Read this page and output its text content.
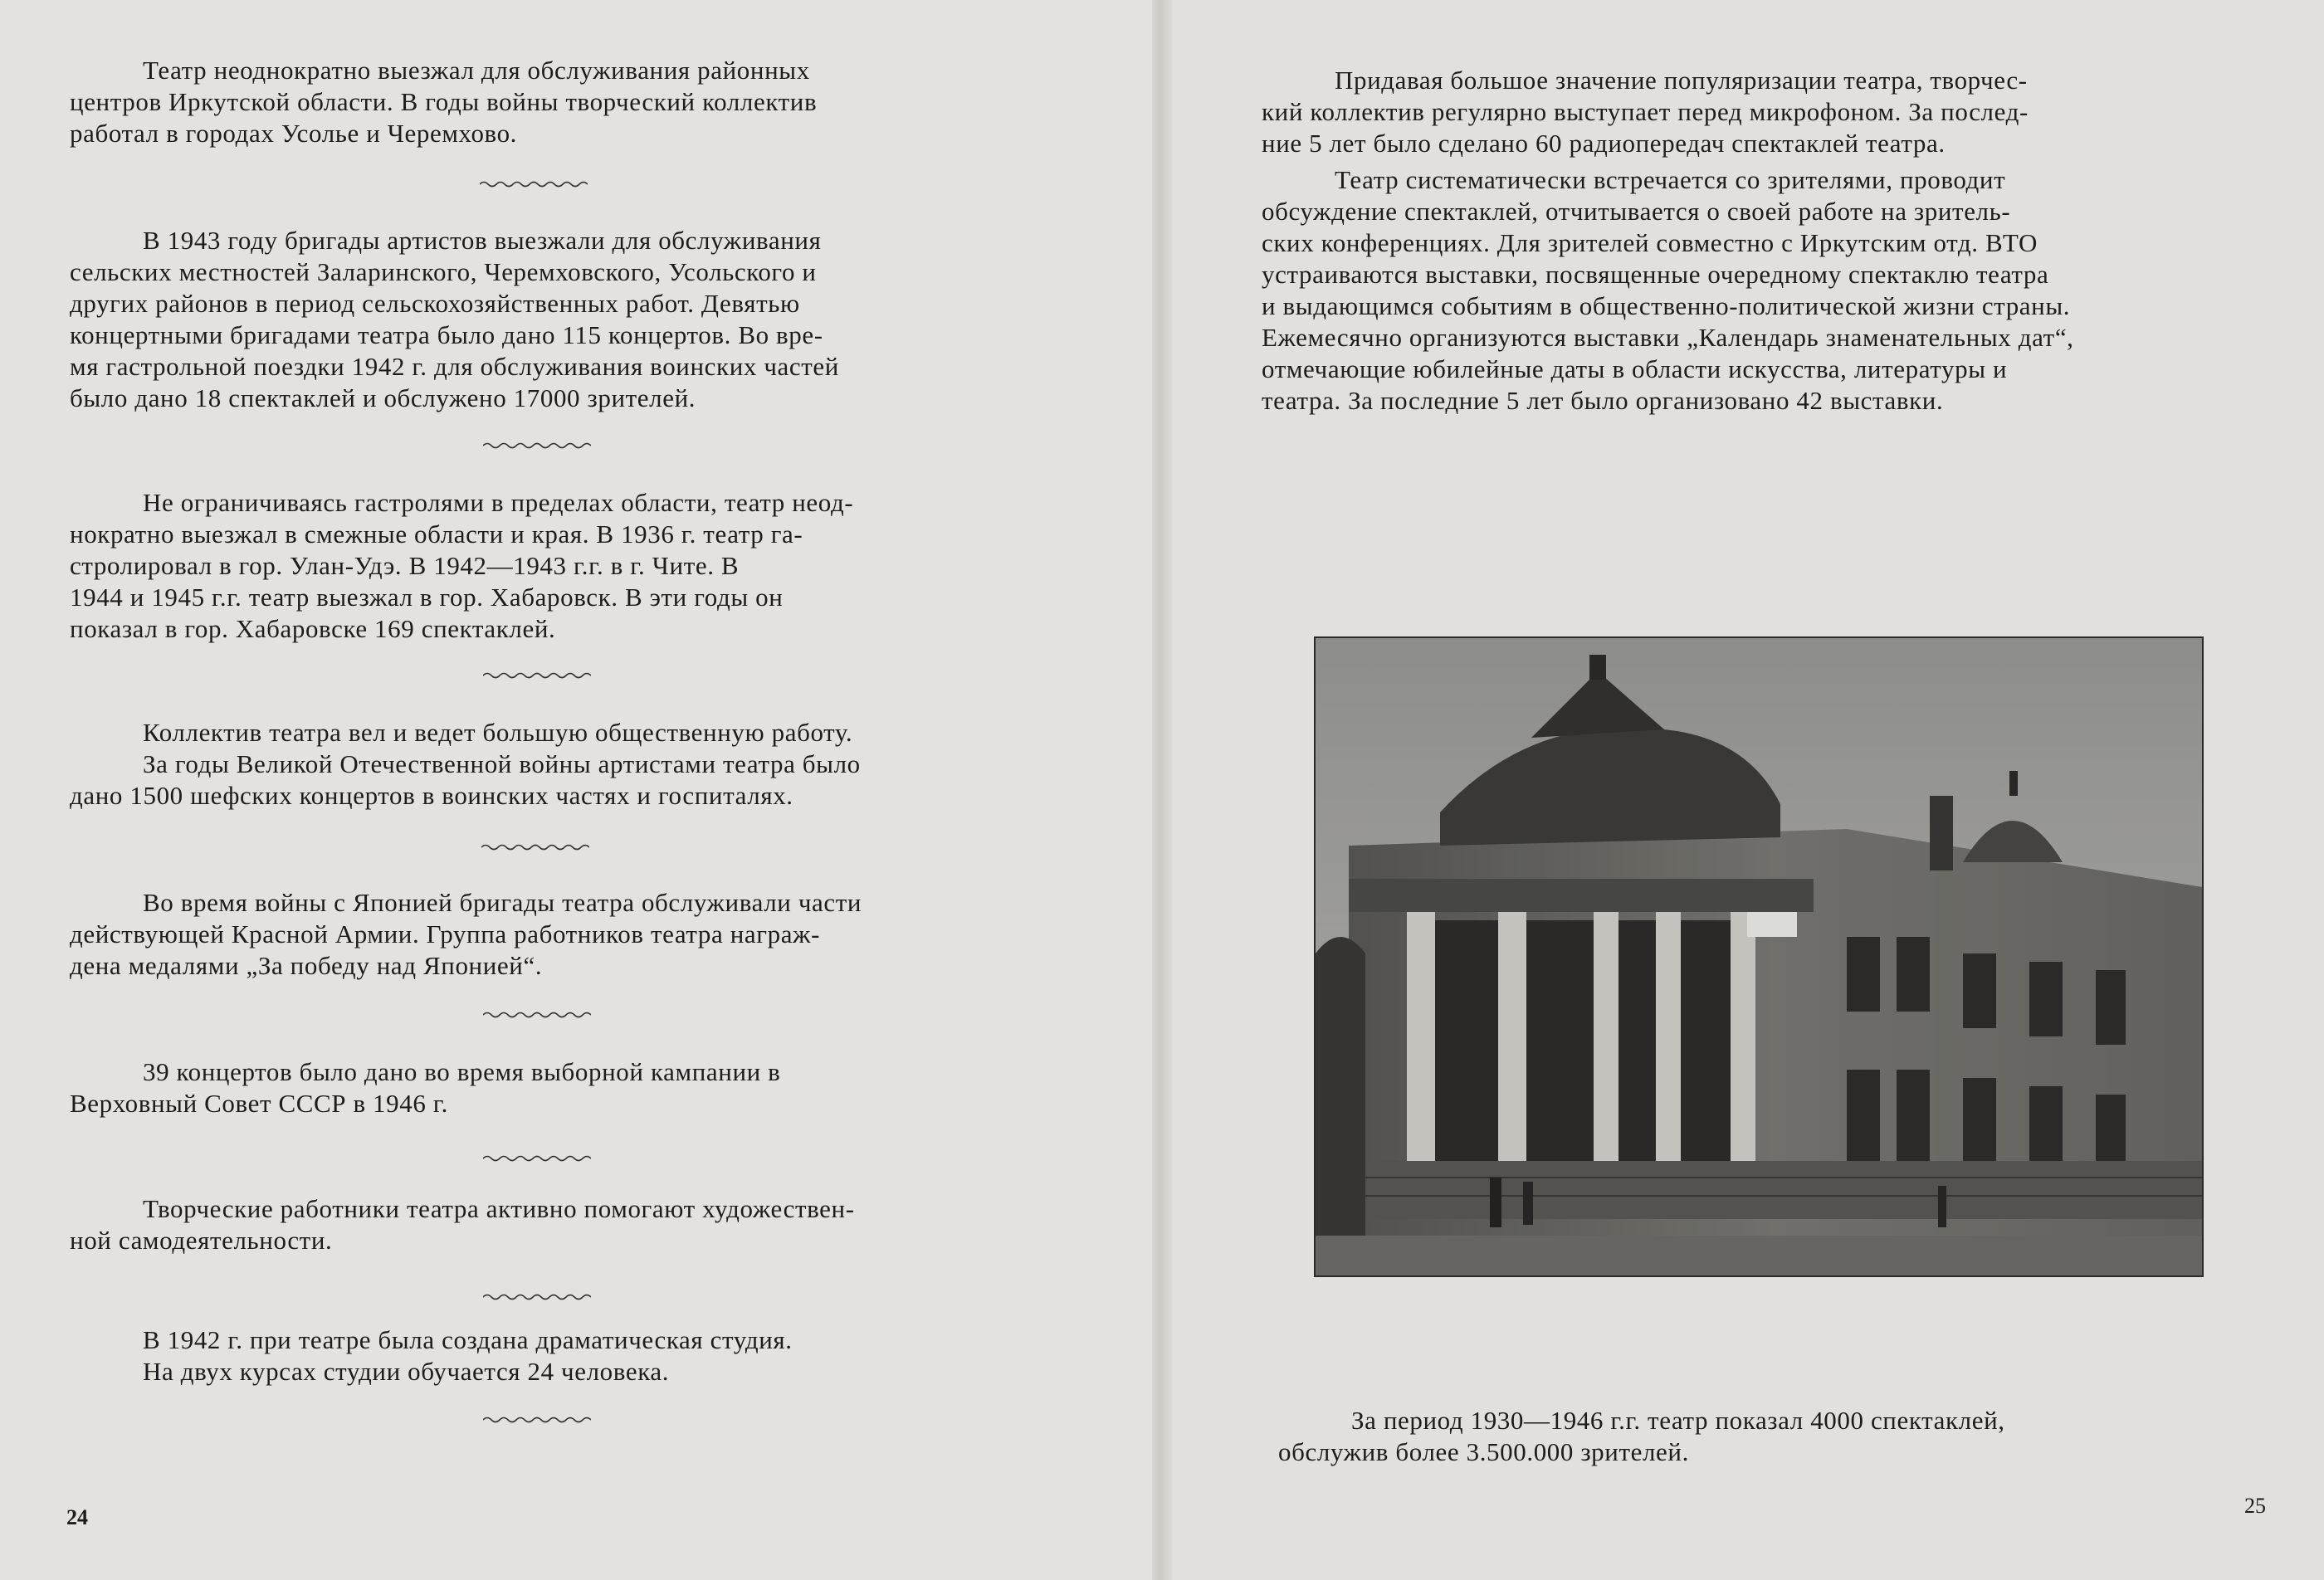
Театр неоднократно выезжал для обслуживания районных

центров Иркутской области. В годы войны творческий коллектив

работал в городах Усолье и Черемхово.

В 1943 году бригады артистов выезжали для обслуживания

сельских местностей Заларинского, Черемховского, Усольского и

других районов в период сельскохозяйственных работ. Девятью

концертными бригадами театра было дано 115 концертов. Во вре-

мя гастрольной поездки 1942 г. для обслуживания воинских частей

было дано 18 спектаклей и обслужено 17000 зрителей.

Не ограничиваясь гастролями в пределах области, театр неод-

нократно выезжал в смежные области и края. В 1936 г. театр га-

стролировал в гор. Улан-Удэ. В 1942—1943 г.г. в г. Чите. В

1944 и 1945 г.г. театр выезжал в гор. Хабаровск. В эти годы он

показал в гор. Хабаровске 169 спектаклей.

Коллектив театра вел и ведет большую общественную работу.

За годы Великой Отечественной войны артистами театра было

дано 1500 шефских концертов в воинских частях и госпиталях.

Во время войны с Японией бригады театра обслуживали части

действующей Красной Армии. Группа работников театра награж-

дена медалями „За победу над Японией“.

39 концертов было дано во время выборной кампании в

Верховный Совет СССР в 1946 г.

Творческие работники театра активно помогают художествен-

ной самодеятельности.

В 1942 г. при театре была создана драматическая студия.

На двух курсах студии обучается 24 человека.

24

Придавая большое значение популяризации театра, творчес-

кий коллектив регулярно выступает перед микрофоном. За послед-

ние 5 лет было сделано 60 радиопередач спектаклей театра.

Театр систематически встречается со зрителями, проводит

обсуждение спектаклей, отчитывается о своей работе на зритель-

ских конференциях. Для зрителей совместно с Иркутским отд. ВТО

устраиваются выставки, посвященные очередному спектаклю театра

и выдающимся событиям в общественно-политической жизни страны.

Ежемесячно организуются выставки „Календарь знаменательных дат“,

отмечающие юбилейные даты в области искусства, литературы и

театра. За последние 5 лет было организовано 42 выставки.

За период 1930—1946 г.г. театр показал 4000 спектаклей,

обслужив более 3.500.000 зрителей.

25
